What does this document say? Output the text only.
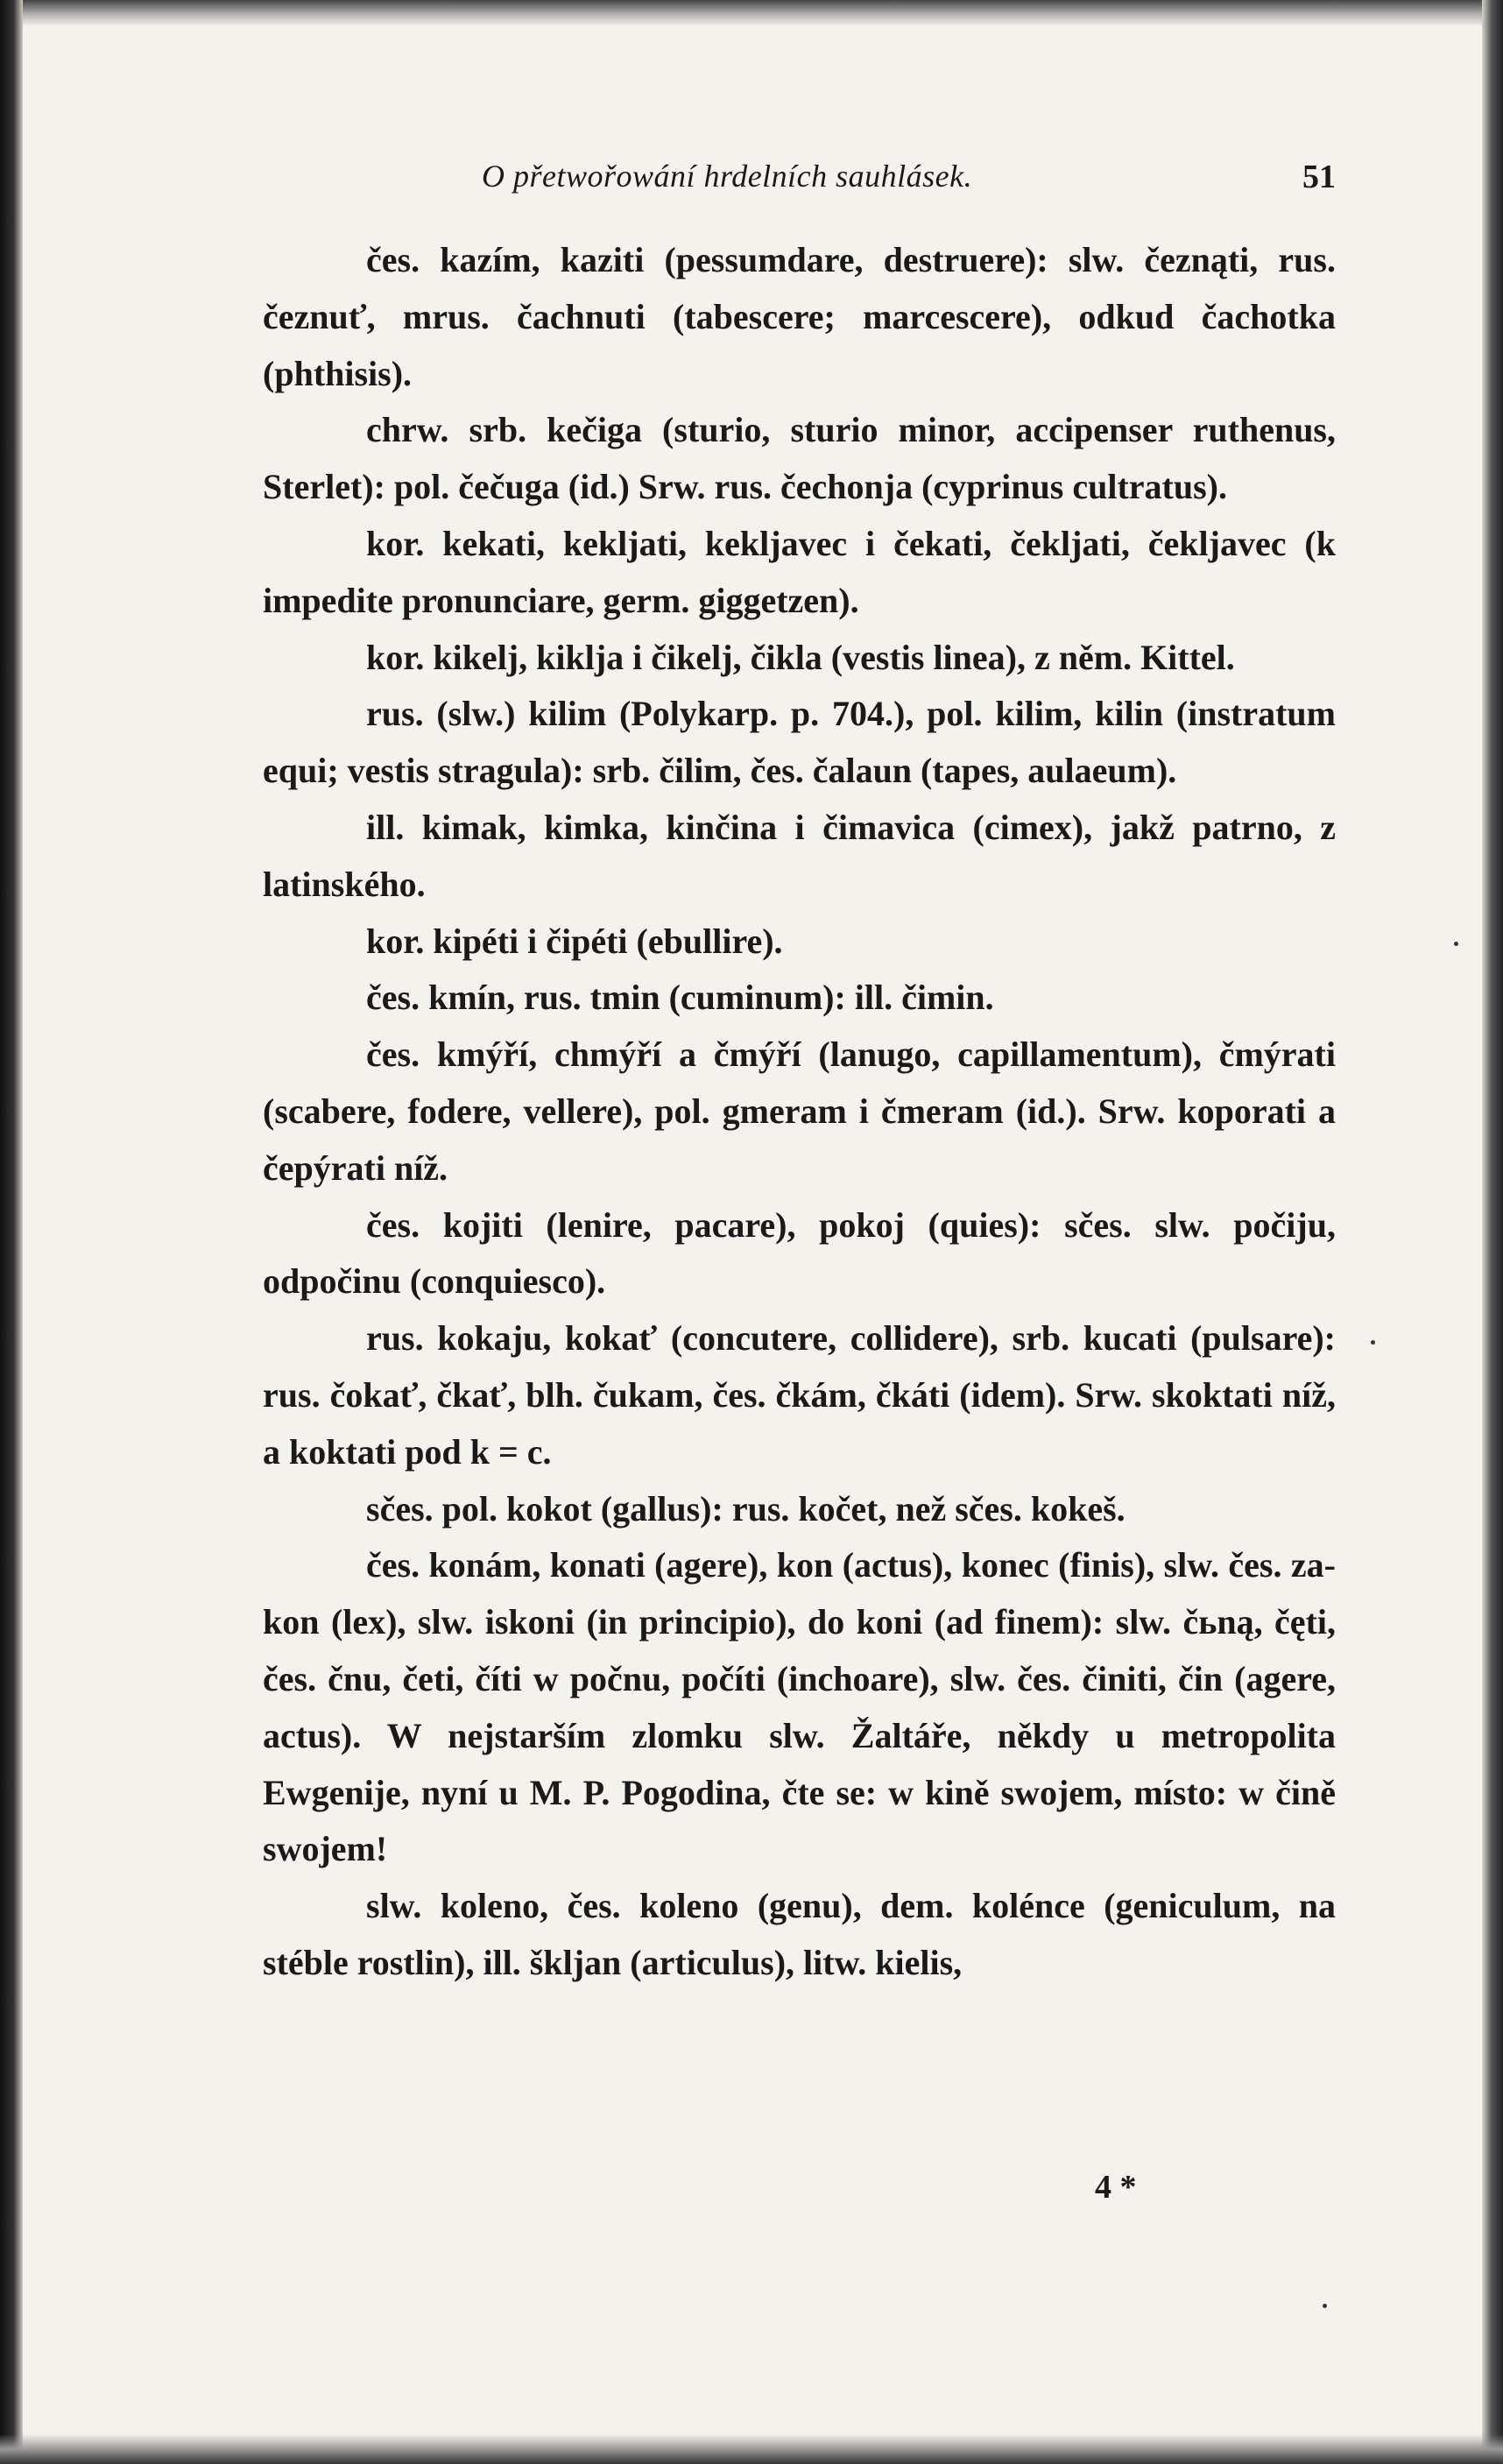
O přetwořowání hrdelních sauhlásek.	51

čes. kazím, kaziti (pessumdare, destruere): slw. čeznąti, rus. čeznuť, mrus. čachnuti (tabescere; marcescere), odkud čachotka (phthisis).

chrw. srb. kečiga (sturio, sturio minor, accipenser ruthenus, Sterlet): pol. čečuga (id.) Srw. rus. čechonja (cyprinus cultratus).

kor. kekati, kekljati, kekljavec i čekati, čekljati, čekljavec (k impedite pronunciare, germ. giggetzen).

kor. kikelj, kiklja i čikelj, čikla (vestis linea), z něm. Kittel.

rus. (slw.) kilim (Polykarp. p. 704.), pol. kilim, kilin (instratum equi; vestis stragula): srb. čilim, čes. čalaun (tapes, aulaeum).

ill. kimak, kimka, kinčina i čimavica (cimex), jakž patrno, z latinského.

kor. kipéti i čipéti (ebullire).

čes. kmín, rus. tmin (cuminum): ill. čimin.

čes. kmýří, chmýří a čmýří (lanugo, capillamentum), čmýrati (scabere, fodere, vellere), pol. gmeram i čmeram (id.). Srw. koporati a čepýrati níž.

čes. kojiti (lenire, pacare), pokoj (quies): sčes. slw. počiju, odpočinu (conquiesco).

rus. kokaju, kokať (concutere, collidere), srb. kucati (pulsare): rus. čokať, čkať, blh. čukam, čes. čkám, čkáti (idem). Srw. skoktati níž, a koktati pod k = c.

sčes. pol. kokot (gallus): rus. kočet, než sčes. kokeš.

čes. konám, konati (agere), kon (actus), konec (finis), slw. čes. za-kon (lex), slw. iskoni (in principio), do koni (ad finem): slw. čьną, čęti, čes. čnu, četi, číti w počnu, počíti (inchoare), slw. čes. činiti, čin (agere, actus). W nejstarším zlomku slw. Žaltáře, někdy u metropolita Ewgenije, nyní u M. P. Pogodina, čte se: w kině swojem, místo: w čině swojem!

slw. koleno, čes. koleno (genu), dem. kolénce (geniculum, na stéble rostlin), ill. škljan (articulus), litw. kielis,

4 *
